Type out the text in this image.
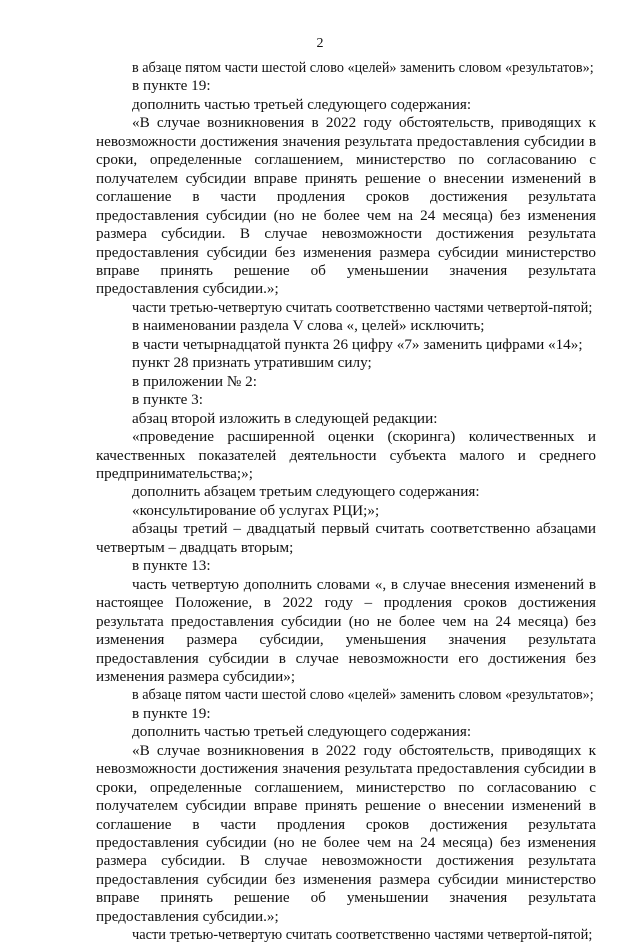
2

в абзаце пятом части шестой слово «целей» заменить словом «результатов»;

в пункте 19:

дополнить частью третьей следующего содержания:

«В случае возникновения в 2022 году обстоятельств, приводящих к невозможности достижения значения результата предоставления субсидии в сроки, определенные соглашением, министерство по согласованию с получателем субсидии вправе принять решение о внесении изменений в соглашение в части продления сроков достижения результата предоставления субсидии (но не более чем на 24 месяца) без изменения размера субсидии. В случае невозможности достижения результата предоставления субсидии без изменения размера субсидии министерство вправе принять решение об уменьшении значения результата предоставления субсидии.»;

части третью-четвертую считать соответственно частями четвертой-пятой;

в наименовании раздела V слова «, целей» исключить;

в части четырнадцатой пункта 26 цифру «7» заменить цифрами «14»;

пункт 28 признать утратившим силу;

в приложении № 2:

в пункте 3:

абзац второй изложить в следующей редакции:

«проведение расширенной оценки (скоринга) количественных и качественных показателей деятельности субъекта малого и среднего предпринимательства;»;

дополнить абзацем третьим следующего содержания:

«консультирование об услугах РЦИ;»;

абзацы третий – двадцатый первый считать соответственно абзацами четвертым – двадцать вторым;

в пункте 13:

часть четвертую дополнить словами «, в случае внесения изменений в настоящее Положение, в 2022 году – продления сроков достижения результата предоставления субсидии (но не более чем на 24 месяца) без изменения размера субсидии, уменьшения значения результата предоставления субсидии в случае невозможности его достижения без изменения размера субсидии»;

в абзаце пятом части шестой слово «целей» заменить словом «результатов»;

в пункте 19:

дополнить частью третьей следующего содержания:

«В случае возникновения в 2022 году обстоятельств, приводящих к невозможности достижения значения результата предоставления субсидии в сроки, определенные соглашением, министерство по согласованию с получателем субсидии вправе принять решение о внесении изменений в соглашение в части продления сроков достижения результата предоставления субсидии (но не более чем на 24 месяца) без изменения размера субсидии. В случае невозможности достижения результата предоставления субсидии без изменения размера субсидии министерство вправе принять решение об уменьшении значения результата предоставления субсидии.»;

части третью-четвертую считать соответственно частями четвертой-пятой;
